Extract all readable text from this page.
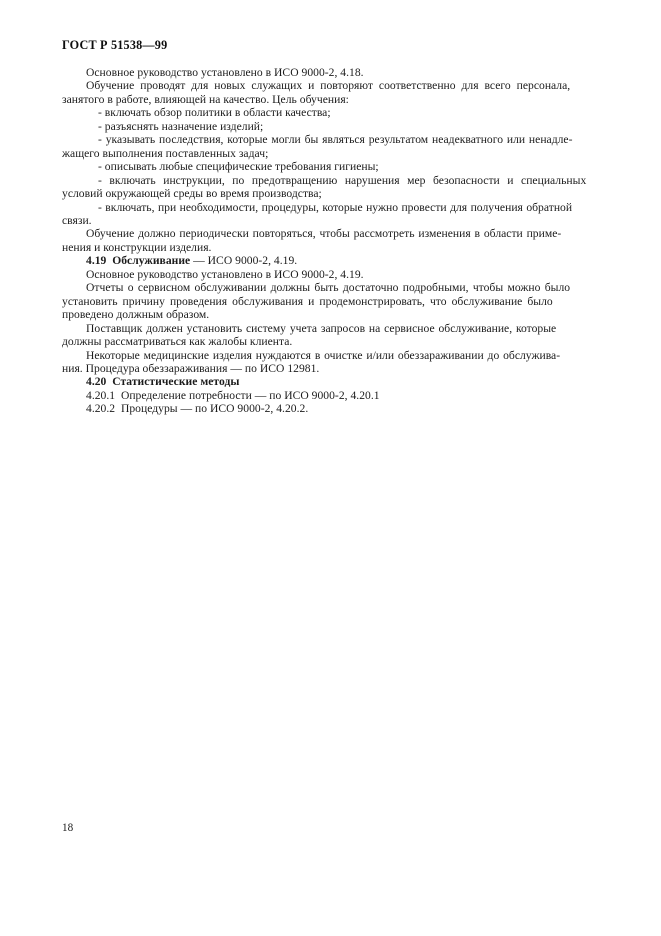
ГОСТ Р 51538—99
Основное руководство установлено в ИСО 9000-2, 4.18.
Обучение проводят для новых служащих и повторяют соответственно для всего персонала,
занятого в работе, влияющей на качество. Цель обучения:
- включать обзор политики в области качества;
- разъяснять назначение изделий;
- указывать последствия, которые могли бы являться результатом неадекватного или ненадле-
жащего выполнения поставленных задач;
- описывать любые специфические требования гигиены;
- включать инструкции, по предотвращению нарушения мер безопасности и специальных
условий окружающей среды во время производства;
- включать, при необходимости, процедуры, которые нужно провести для получения обратной
связи.
Обучение должно периодически повторяться, чтобы рассмотреть изменения в области приме-
нения и конструкции изделия.
4.19  Обслуживание — ИСО 9000-2, 4.19.
Основное руководство установлено в ИСО 9000-2, 4.19.
Отчеты о сервисном обслуживании должны быть достаточно подробными, чтобы можно было
установить причину проведения обслуживания и продемонстрировать, что обслуживание было
проведено должным образом.
Поставщик должен установить систему учета запросов на сервисное обслуживание, которые
должны рассматриваться как жалобы клиента.
Некоторые медицинские изделия нуждаются в очистке и/или обеззараживании до обслужива-
ния. Процедура обеззараживания — по ИСО 12981.
4.20  Статистические методы
4.20.1  Определение потребности — по ИСО 9000-2, 4.20.1
4.20.2  Процедуры — по ИСО 9000-2, 4.20.2.
18
